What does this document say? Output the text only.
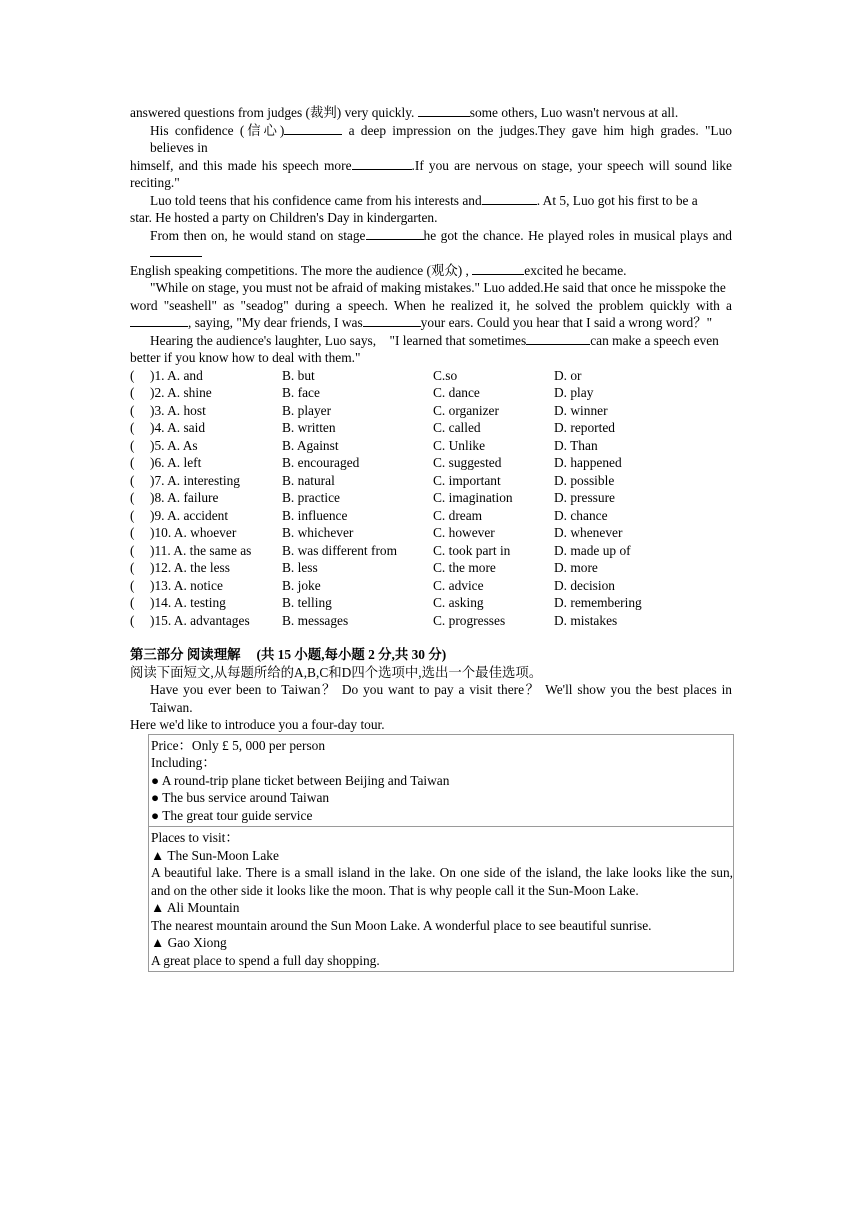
answered questions from judges (裁判) very quickly.	some others, Luo wasn't nervous at all.

His confidence (信心)	a deep impression on the judges.They gave him high grades. "Luo believes in

himself, and this made his speech more	.If you are nervous on stage, your speech will sound like reciting."

Luo told teens that his confidence came from his interests and	. At 5, Luo got his first to be a

star. He hosted a party on Children's Day in kindergarten.

From then on, he would stand on stage	he got the chance. He played roles in musical plays and

English speaking competitions. The more the audience (观众) ,	excited he became.

"While on stage, you must not be afraid of making mistakes." Luo added.He said that once he misspoke the

word "seashell" as "seadog" during a speech. When he realized it, he solved the problem quickly with a, saying, "My dear friends, I was	your ears. Could you hear that I said a wrong word？"

Hearing the audience's laughter, Luo says,　"I learned that sometimes	can make a speech even

better if you know how to deal with them."

(	)1. A. and	B. but	C.so	D. or
(	)2. A. shine	B. face	C. dance	D. play
(	)3. A. host	B. player	C. organizer	D. winner
(	)4. A. said	B. written	C. called	D. reported
(	)5. A. As	B. Against	C. Unlike	D. Than
(	)6. A. left	B. encouraged	C. suggested	D. happened
(	)7. A. interesting	B. natural	C. important	D. possible
(	)8. A. failure	B. practice	C. imagination	D. pressure
(	)9. A. accident	B. influence	C. dream	D. chance
(	)10. A. whoever	B. whichever	C. however	D. whenever
(	)11. A. the same as	B. was different from	C. took part in	D. made up of
(	)12. A. the less	B. less	C. the more	D. more
(	)13. A. notice	B. joke	C. advice	D. decision
(	)14. A. testing	B. telling	C. asking	D. remembering
(	)15. A. advantages	B. messages	C. progresses	D. mistakes

第三部分 阅读理解 (共 15 小题,每小题 2 分,共 30 分)

阅读下面短文,从每题所给的A,B,C和D四个选项中,选出一个最佳选项。

Have you ever been to Taiwan？ Do you want to pay a visit there？ We'll show you the best places in Taiwan.

Here we'd like to introduce you a four-day tour.

Price：Only £ 5, 000 per person

Including：

● A round-trip plane ticket between Beijing and Taiwan

● The bus service around Taiwan

● The great tour guide service

Places to visit：

▲ The Sun-Moon Lake

A beautiful lake. There is a small island in the lake. On one side of the island, the lake looks like the sun, and on the other side it looks like the moon. That is why people call it the Sun-Moon Lake.

▲ Ali Mountain

The nearest mountain around the Sun Moon Lake. A wonderful place to see beautiful sunrise.

▲ Gao Xiong

A great place to spend a full day shopping.
